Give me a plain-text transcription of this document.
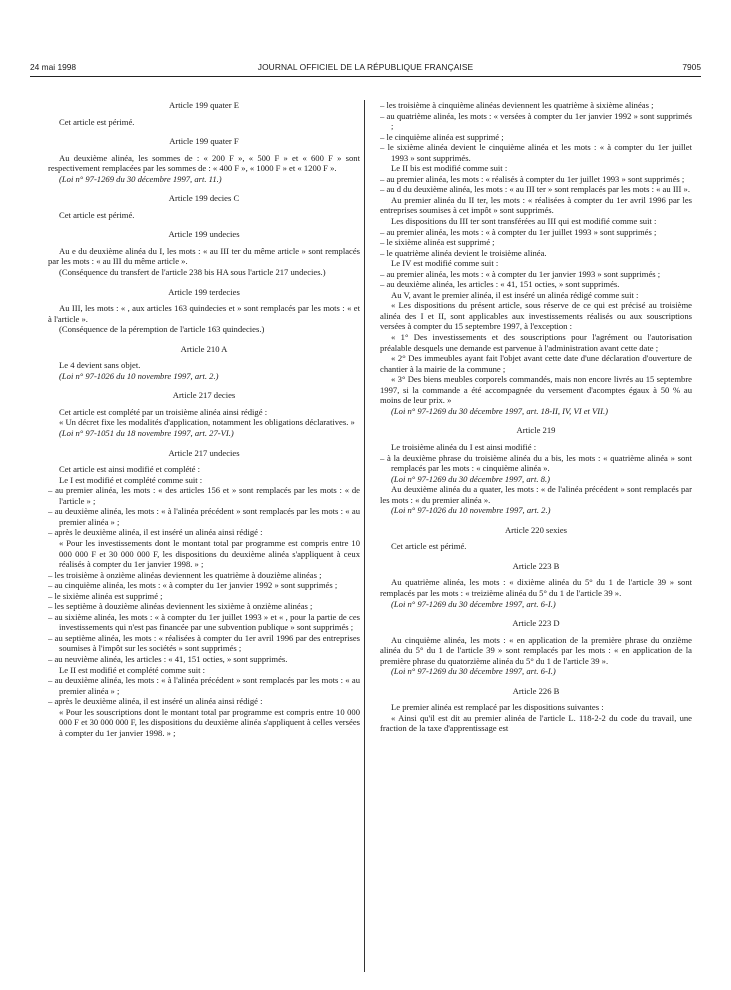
24 mai 1998	JOURNAL OFFICIEL DE LA RÉPUBLIQUE FRANÇAISE	7905

Article 199 quater E

Cet article est périmé.

Article 199 quater F

Au deuxième alinéa, les sommes de : « 200 F », « 500 F » et « 600 F » sont respectivement remplacées par les sommes de : « 400 F », « 1000 F » et « 1200 F ».

(Loi n° 97-1269 du 30 décembre 1997, art. 11.)

Article 199 decies C

Cet article est périmé.

Article 199 undecies

Au e du deuxième alinéa du I, les mots : « au III ter du même article » sont remplacés par les mots : « au III du même article ».

(Conséquence du transfert de l'article 238 bis HA sous l'article 217 undecies.)

Article 199 terdecies

Au III, les mots : « , aux articles 163 quindecies et » sont remplacés par les mots : « et à l'article ».

(Conséquence de la péremption de l'article 163 quindecies.)

Article 210 A

Le 4 devient sans objet.

(Loi n° 97-1026 du 10 novembre 1997, art. 2.)

Article 217 decies

Cet article est complété par un troisième alinéa ainsi rédigé :

« Un décret fixe les modalités d'application, notamment les obligations déclaratives. »

(Loi n° 97-1051 du 18 novembre 1997, art. 27-VI.)

Article 217 undecies

Cet article est ainsi modifié et complété :

Le I est modifié et complété comme suit :

– au premier alinéa, les mots : « des articles 156 et » sont remplacés par les mots : « de l'article » ;

– au deuxième alinéa, les mots : « à l'alinéa précédent » sont remplacés par les mots : « au premier alinéa » ;

– après le deuxième alinéa, il est inséré un alinéa ainsi rédigé :

« Pour les investissements dont le montant total par programme est compris entre 10 000 000 F et 30 000 000 F, les dispositions du deuxième alinéa s'appliquent à ceux réalisés à compter du 1er janvier 1998. » ;

– les troisième à onzième alinéas deviennent les quatrième à douzième alinéas ;

– au cinquième alinéa, les mots : « à compter du 1er janvier 1992 » sont supprimés ;

– le sixième alinéa est supprimé ;

– les septième à douzième alinéas deviennent les sixième à onzième alinéas ;

– au sixième alinéa, les mots : « à compter du 1er juillet 1993 » et « , pour la partie de ces investissements qui n'est pas financée par une subvention publique » sont supprimés ;

– au septième alinéa, les mots : « réalisées à compter du 1er avril 1996 par des entreprises soumises à l'impôt sur les sociétés » sont supprimés ;

– au neuvième alinéa, les articles : « 41, 151 octies, » sont supprimés.

Le II est modifié et complété comme suit :

– au deuxième alinéa, les mots : « à l'alinéa précédent » sont remplacés par les mots : « au premier alinéa » ;

– après le deuxième alinéa, il est inséré un alinéa ainsi rédigé :

« Pour les souscriptions dont le montant total par programme est compris entre 10 000 000 F et 30 000 000 F, les dispositions du deuxième alinéa s'appliquent à celles versées à compter du 1er janvier 1998. » ;

– les troisième à cinquième alinéas deviennent les quatrième à sixième alinéas ;

– au quatrième alinéa, les mots : « versées à compter du 1er janvier 1992 » sont supprimés ;

– le cinquième alinéa est supprimé ;

– le sixième alinéa devient le cinquième alinéa et les mots : « à compter du 1er juillet 1993 » sont supprimés.

Le II bis est modifié comme suit :

– au premier alinéa, les mots : « réalisés à compter du 1er juillet 1993 » sont supprimés ;

– au d du deuxième alinéa, les mots : « au III ter » sont remplacés par les mots : « au III ».

Au premier alinéa du II ter, les mots : « réalisées à compter du 1er avril 1996 par les entreprises soumises à cet impôt » sont supprimés.

Les dispositions du III ter sont transférées au III qui est modifié comme suit :

– au premier alinéa, les mots : « à compter du 1er juillet 1993 » sont supprimés ;

– le sixième alinéa est supprimé ;

– le quatrième alinéa devient le troisième alinéa.

Le IV est modifié comme suit :

– au premier alinéa, les mots : « à compter du 1er janvier 1993 » sont supprimés ;

– au deuxième alinéa, les articles : « 41, 151 octies, » sont supprimés.

Au V, avant le premier alinéa, il est inséré un alinéa rédigé comme suit :

« Les dispositions du présent article, sous réserve de ce qui est précisé au troisième alinéa des I et II, sont applicables aux investissements réalisés ou aux souscriptions versées à compter du 15 septembre 1997, à l'exception :

« 1° Des investissements et des souscriptions pour l'agrément ou l'autorisation préalable desquels une demande est parvenue à l'administration avant cette date ;

« 2° Des immeubles ayant fait l'objet avant cette date d'une déclaration d'ouverture de chantier à la mairie de la commune ;

« 3° Des biens meubles corporels commandés, mais non encore livrés au 15 septembre 1997, si la commande a été accompagnée du versement d'acomptes égaux à 50 % au moins de leur prix. »

(Loi n° 97-1269 du 30 décembre 1997, art. 18-II, IV, VI et VII.)

Article 219

Le troisième alinéa du I est ainsi modifié :

– à la deuxième phrase du troisième alinéa du a bis, les mots : « quatrième alinéa » sont remplacés par les mots : « cinquième alinéa ».

(Loi n° 97-1269 du 30 décembre 1997, art. 8.)

Au deuxième alinéa du a quater, les mots : « de l'alinéa précédent » sont remplacés par les mots : « du premier alinéa ».

(Loi n° 97-1026 du 10 novembre 1997, art. 2.)

Article 220 sexies

Cet article est périmé.

Article 223 B

Au quatrième alinéa, les mots : « dixième alinéa du 5° du 1 de l'article 39 » sont remplacés par les mots : « treizième alinéa du 5° du 1 de l'article 39 ».

(Loi n° 97-1269 du 30 décembre 1997, art. 6-I.)

Article 223 D

Au cinquième alinéa, les mots : « en application de la première phrase du onzième alinéa du 5° du 1 de l'article 39 » sont remplacés par les mots : « en application de la première phrase du quatorzième alinéa du 5° du 1 de l'article 39 ».

(Loi n° 97-1269 du 30 décembre 1997, art. 6-I.)

Article 226 B

Le premier alinéa est remplacé par les dispositions suivantes :

« Ainsi qu'il est dit au premier alinéa de l'article L. 118-2-2 du code du travail, une fraction de la taxe d'apprentissage est
